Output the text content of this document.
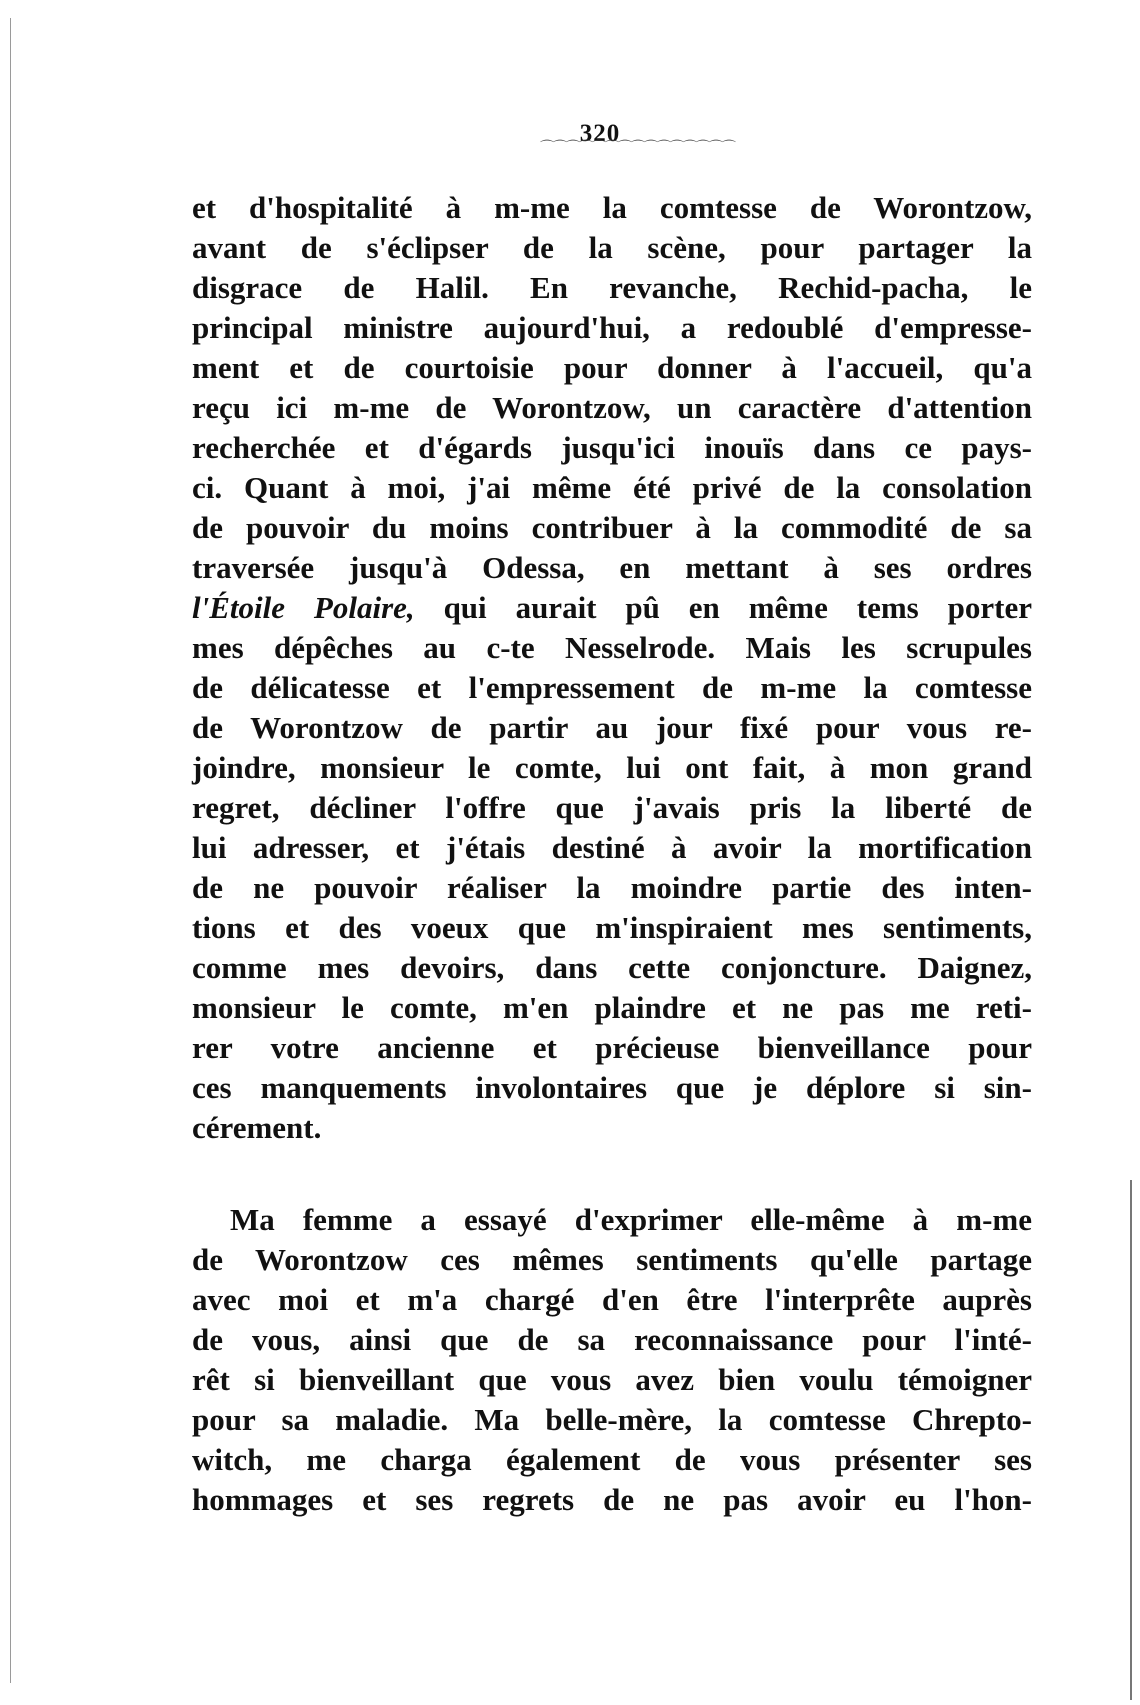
320
⌒⌒⌒⌒⌒⌒⌒⌒⌒⌒⌒⌒⌒⌒⌒
et d'hospitalité à m-me la comtesse de Worontzow,
avant de s'éclipser de la scène, pour partager la
disgrace de Halil. En revanche, Rechid-pacha, le
principal ministre aujourd'hui, a redoublé d'empresse-
ment et de courtoisie pour donner à l'accueil, qu'a
reçu ici m-me de Worontzow, un caractère d'attention
recherchée et d'égards jusqu'ici inouïs dans ce pays-
ci. Quant à moi, j'ai même été privé de la consolation
de pouvoir du moins contribuer à la commodité de sa
traversée jusqu'à Odessa, en mettant à ses ordres
l'Étoile Polaire, qui aurait pû en même tems porter
mes dépêches au c-te Nesselrode. Mais les scrupules
de délicatesse et l'empressement de m-me la comtesse
de Worontzow de partir au jour fixé pour vous re-
joindre, monsieur le comte, lui ont fait, à mon grand
regret, décliner l'offre que j'avais pris la liberté de
lui adresser, et j'étais destiné à avoir la mortification
de ne pouvoir réaliser la moindre partie des inten-
tions et des voeux que m'inspiraient mes sentiments,
comme mes devoirs, dans cette conjoncture. Daignez,
monsieur le comte, m'en plaindre et ne pas me reti-
rer votre ancienne et précieuse bienveillance pour
ces manquements involontaires que je déplore si sin-
cérement.
Ma femme a essayé d'exprimer elle-même à m-me
de Worontzow ces mêmes sentiments qu'elle partage
avec moi et m'a chargé d'en être l'interprête auprès
de vous, ainsi que de sa reconnaissance pour l'inté-
rêt si bienveillant que vous avez bien voulu témoigner
pour sa maladie. Ma belle-mère, la comtesse Chrepto-
witch, me charga également de vous présenter ses
hommages et ses regrets de ne pas avoir eu l'hon-
